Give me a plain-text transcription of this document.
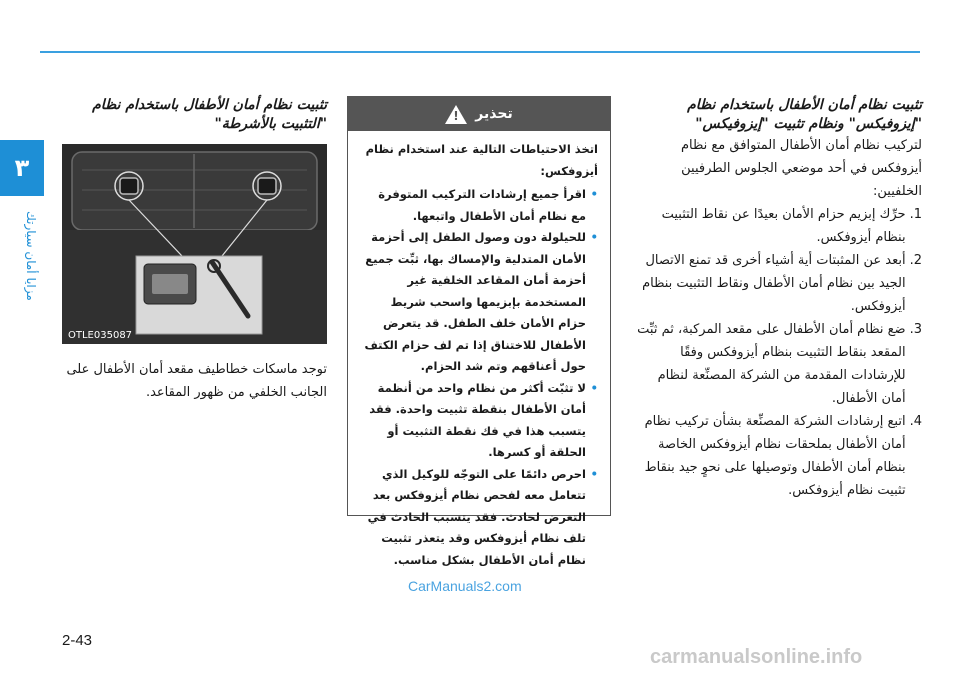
٣
مزايا أمان سيارتك
تثبيت نظام أمان الأطفال باستخدام نظام "إيزوفيكس" ونظام تثبيت "إيزوفيكس"

لتركيب نظام أمان الأطفال المتوافق مع نظام أيزوفكس في أحد موضعي الجلوس الطرفيين الخلفيين:

1.
حرِّك إبزيم حزام الأمان بعيدًا عن نقاط التثبيت بنظام أيزوفكس.
2.
أبعد عن المثبتات أية أشياء أخرى قد تمنع الاتصال الجيد بين نظام أمان الأطفال ونقاط التثبيت بنظام أيزوفكس.
3.
ضع نظام أمان الأطفال على مقعد المركبة، ثم ثبِّت المقعد بنقاط التثبيت بنظام أيزوفكس وفقًا للإرشادات المقدمة من الشركة المصنِّعة لنظام أمان الأطفال.
4.
اتبع إرشادات الشركة المصنِّعة بشأن تركيب نظام أمان الأطفال بملحقات نظام أيزوفكس الخاصة بنظام أمان الأطفال وتوصيلها على نحوٍ جيد بنقاط تثبيت نظام أيزوفكس.
تحذير
!
اتخذ الاحتياطات التالية عند استخدام نظام أيزوفكس:
• اقرأ جميع إرشادات التركيب المتوفرة مع نظام أمان الأطفال واتبعها.
• للحيلولة دون وصول الطفل إلى أحزمة الأمان المتدلية والإمساك بها، ثبِّت جميع أحزمة أمان المقاعد الخلفية غير المستخدمة بإبزيمها واسحب شريط حزام الأمان خلف الطفل. قد يتعرض الأطفال للاختناق إذا تم لف حزام الكتف حول أعناقهم وتم شد الحزام.
• لا تثبّت أكثر من نظام واحد من أنظمة أمان الأطفال بنقطة تثبيت واحدة. فقد يتسبب هذا في فك نقطة التثبيت أو الحلقة أو كسرها.
• احرص دائمًا على التوجّه للوكيل الذي تتعامل معه لفحص نظام أيزوفكس بعد التعرض لحادث. فقد يتسبب الحادث في تلف نظام أيزوفكس وقد يتعذر تثبيت نظام أمان الأطفال بشكل مناسب.
تثبيت نظام أمان الأطفال باستخدام نظام "التثبيت بالأشرطة"
OTLE035087

توجد ماسكات خطاطيف مقعد أمان الأطفال على الجانب الخلفي من ظهور المقاعد.

CarManuals2.com
2-43
carmanualsonline.info
